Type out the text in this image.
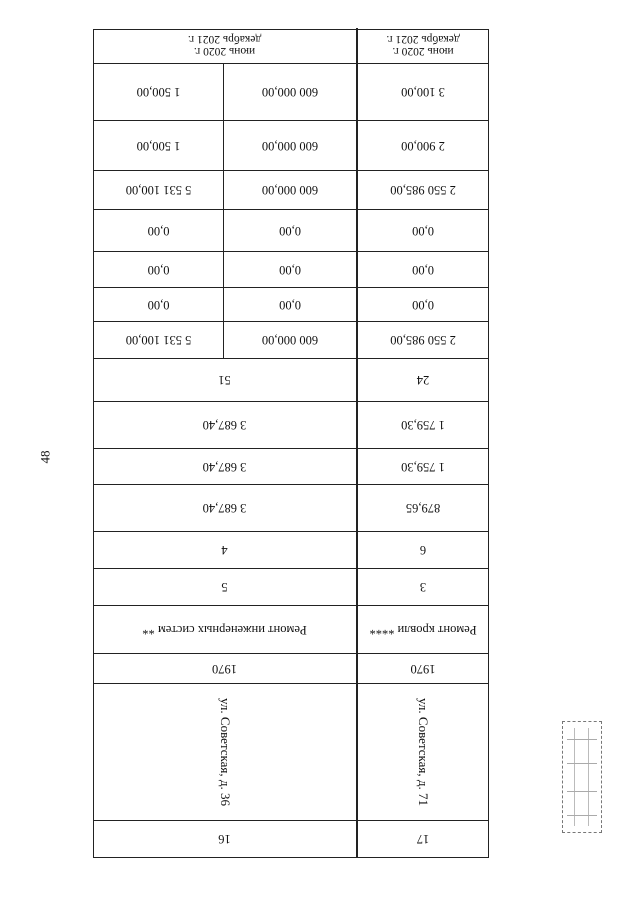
48
17
16
ул. Советская, д. 71
ул. Советская, д. 36
1970
1970
Ремонт кровли ****
Ремонт инженерных систем **
3
5
6
4
879,65
3 687,40
1 759,30
3 687,40
1 759,30
3 687,40
24
51
2 550 985,00
600 000,00
5 531 100,00
0,00
0,00
0,00
0,00
0,00
0,00
0,00
0,00
0,00
2 550 985,00
600 000,00
5 531 100,00
2 900,00
600 000,00
1 500,00
3 100,00
600 000,00
1 500,00
июнь 2020 г.
декабрь 2021 г.
июнь 2020 г.
декабрь 2021 г.
